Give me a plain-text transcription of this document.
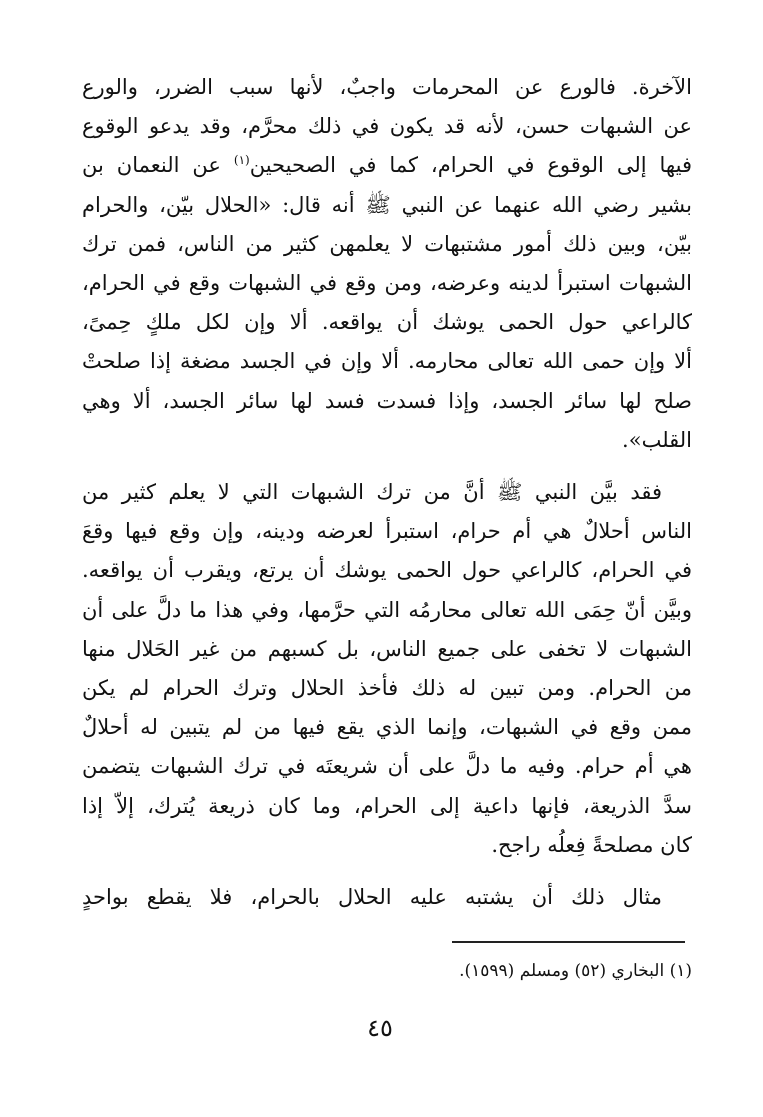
الآخرة. فالورع عن المحرمات واجبٌ، لأنها سبب الضرر، والورع
عن الشبهات حسن، لأنه قد يكون في ذلك محرَّم، وقد يدعو الوقوع
فيها إلى الوقوع في الحرام، كما في الصحيحين$^{(١)}$ عن النعمان بن
بشير رضي الله عنهما عن النبي ﷺ أنه قال: «الحلال بيّن، والحرام
بيّن، وبين ذلك أمور مشتبهات لا يعلمهن كثير من الناس، فمن ترك
الشبهات استبرأ لدينه وعرضه، ومن وقع في الشبهات وقع في الحرام،
كالراعي حول الحمى يوشك أن يواقعه. ألا وإن لكل ملكٍ حِمىً،
ألا وإن حمى الله تعالى محارمه. ألا وإن في الجسد مضغة إذا صلحتْ
صلح لها سائر الجسد، وإذا فسدت فسد لها سائر الجسد، ألا وهي
القلب».

فقد بيَّن النبي ﷺ أنَّ من ترك الشبهات التي لا يعلم كثير من
الناس أحلالٌ هي أم حرام، استبرأ لعرضه ودينه، وإن وقع فيها وقعَ
في الحرام، كالراعي حول الحمى يوشك أن يرتع، ويقرب أن يواقعه.
وبيَّن أنّ حِمَى الله تعالى محارمُه التي حرَّمها، وفي هذا ما دلَّ على أن
الشبهات لا تخفى على جميع الناس، بل كسبهم من غير الحَلال منها
من الحرام. ومن تبين له ذلك فأخذ الحلال وترك الحرام لم يكن
ممن وقع في الشبهات، وإنما الذي يقع فيها من لم يتبين له أحلالٌ
هي أم حرام. وفيه ما دلَّ على أن شريعتَه في ترك الشبهات يتضمن
سدَّ الذريعة، فإنها داعية إلى الحرام، وما كان ذريعة يُترك، إلاّ إذا
كان مصلحةً فِعلُه راجح.

مثال ذلك أن يشتبه عليه الحلال بالحرام، فلا يقطع بواحدٍ

(١) البخاري (٥٢) ومسلم (١٥٩٩).
٤٥
